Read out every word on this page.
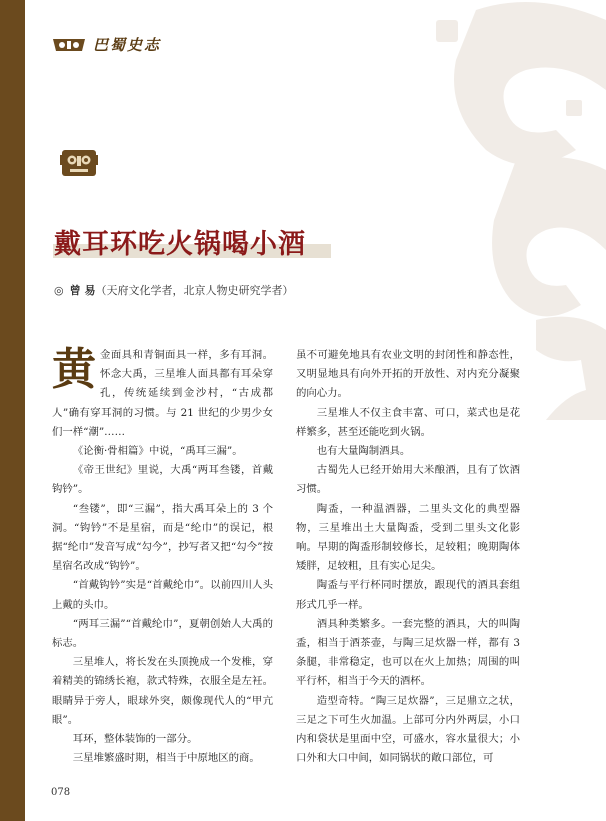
巴蜀史志
戴耳环吃火锅喝小酒
◎ 曾 易（天府文化学者，北京人物史研究学者）
黄 金面具和青铜面具一样，多有耳洞。怀念大禹，三星堆人面具都有耳朵穿孔，传统延续到金沙村，“古成都人”确有穿耳洞的习惯。与 21 世纪的少男少女们一样“潮”……

《论衡·骨相篇》中说，“禹耳三漏”。

《帝王世纪》里说，大禹“两耳叁镂，首戴钩钤”。

“叁镂”，即“三漏”，指大禹耳朵上的 3 个洞。“钩钤”不是星宿，而是“纶巾”的误记，根据“纶巾”发音写成“勾今”，抄写者又把“勾今”按星宿名改成“钩钤”。

“首戴钩钤”实是“首戴纶巾”。以前四川人头上戴的头巾。

“两耳三漏”“首戴纶巾”，夏朝创始人大禹的标志。

三星堆人，将长发在头顶挽成一个发椎，穿着精美的锦绣长袍，款式特殊，衣服全是左衽。眼睛异于旁人，眼球外突，颇像现代人的“甲亢眼”。

耳环，整体装饰的一部分。

三星堆繁盛时期，相当于中原地区的商。

虽不可避免地具有农业文明的封闭性和静态性，又明显地具有向外开拓的开放性、对内充分凝聚的向心力。

三星堆人不仅主食丰富、可口，菜式也是花样繁多，甚至还能吃到火锅。

也有大量陶制酒具。

古蜀先人已经开始用大米酿酒，且有了饮酒习惯。

陶盉，一种温酒器，二里头文化的典型器物，三星堆出土大量陶盉，受到二里头文化影响。早期的陶盉形制较修长，足较粗；晚期陶体矮胖，足较粗，且有实心足尖。

陶盉与平行杯同时摆放，跟现代的酒具套组形式几乎一样。

酒具种类繁多。一套完整的酒具，大的叫陶盉，相当于酒茶壶，与陶三足炊器一样，都有 3 条腿，非常稳定，也可以在火上加热；周围的叫平行杯，相当于今天的酒杯。

造型奇特。“陶三足炊器”，三足鼎立之状，三足之下可生火加温。上部可分内外两层，小口内和袋状是里面中空，可盛水，容水量很大；小口外和大口中间，如同锅状的敞口部位，可

078
